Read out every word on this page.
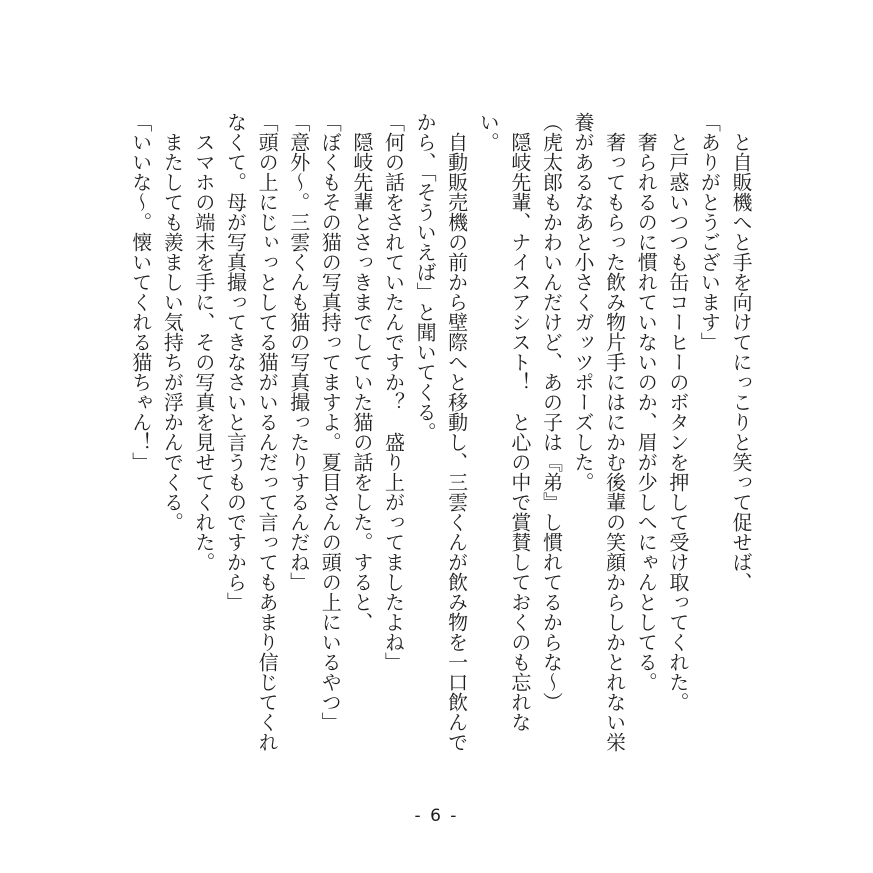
と自販機へと手を向けてにっこりと笑って促せば、

「ありがとうございます」

と戸惑いつつも缶コーヒーのボタンを押して受け取ってくれた。

奢られるのに慣れていないのか、眉が少しへにゃんとしてる。

奢ってもらった飲み物片手にはにかむ後輩の笑顔からしかとれない栄

養があるなあと小さくガッツポーズした。

（虎太郎もかわいんだけど、あの子は『弟』し慣れてるからな～）

隠岐先輩、ナイスアシスト！　と心の中で賞賛しておくのも忘れな

い。

自動販売機の前から壁際へと移動し、三雲くんが飲み物を一口飲んで

から、「そういえば」と聞いてくる。

「何の話をされていたんですか？　盛り上がってましたよね」

隠岐先輩とさっきまでしていた猫の話をした。すると、

「ぼくもその猫の写真持ってますよ。夏目さんの頭の上にいるやつ」

「意外～。三雲くんも猫の写真撮ったりするんだね」

「頭の上にじぃっとしてる猫がいるんだって言ってもあまり信じてくれ

なくて。母が写真撮ってきなさいと言うものですから」

スマホの端末を手に、その写真を見せてくれた。

またしても羨ましい気持ちが浮かんでくる。

「いいな～。懐いてくれる猫ちゃん！」

- 6 -
